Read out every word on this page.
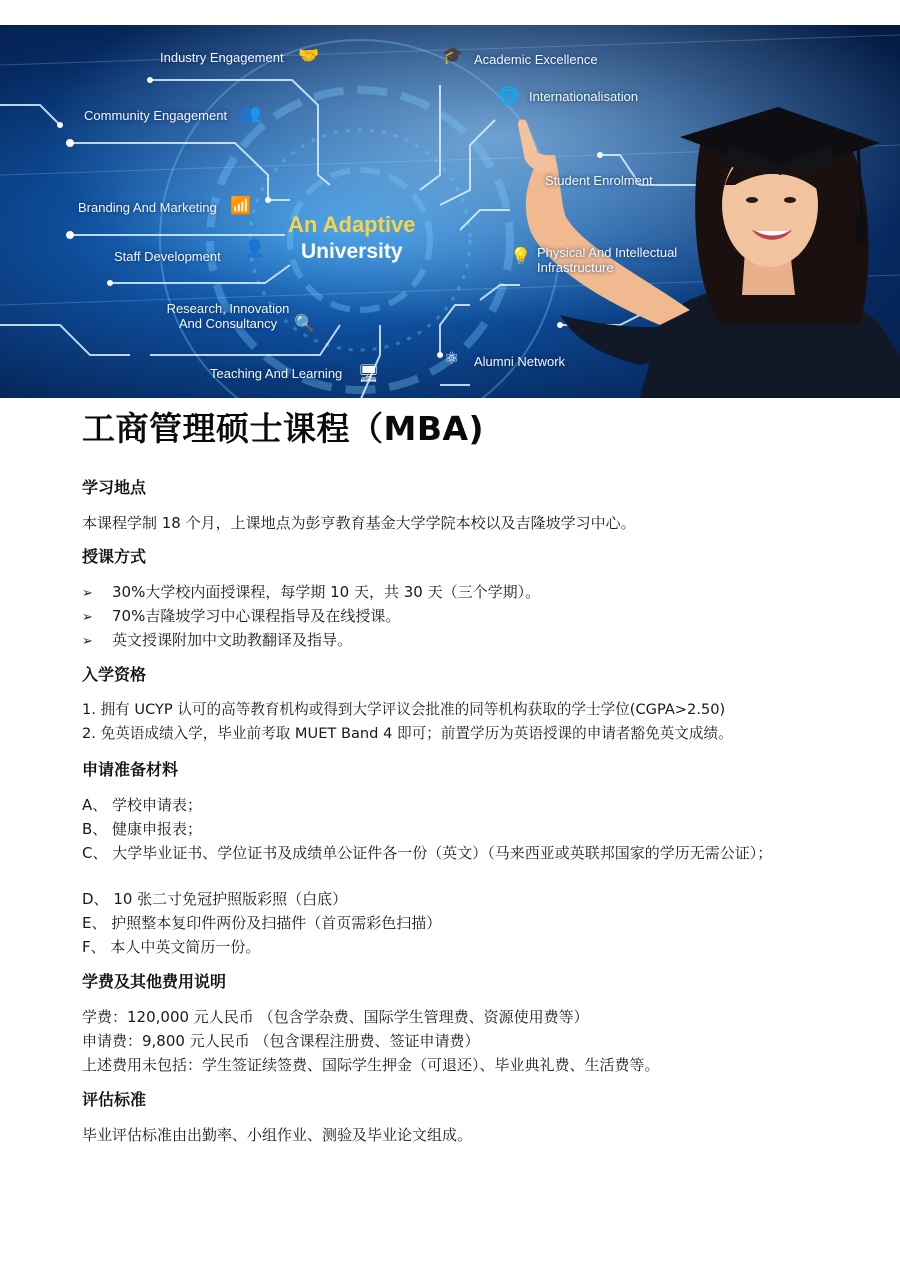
An Adaptive
University
Industry Engagement 🤝
Community Engagement 👥
Branding And Marketing 📶
Staff Development 👤
Research, Innovation And Consultancy 🔍
Teaching And Learning 🖥
🎓 Academic Excellence
🌐 Internationalisation
Student Enrolment
💡 Physical And Intellectual Infrastructure
⚛ Alumni Network
工商管理硕士课程（MBA)
学习地点
本课程学制 18 个月，上课地点为彭亨教育基金大学学院本校以及吉隆坡学习中心。
授课方式
➢ 30%大学校内面授课程，每学期 10 天，共 30 天（三个学期）。
➢ 70%吉隆坡学习中心课程指导及在线授课。
➢ 英文授课附加中文助教翻译及指导。
入学资格
1. 拥有 UCYP 认可的高等教育机构或得到大学评议会批准的同等机构获取的学士学位(CGPA>2.50)
2. 免英语成绩入学，毕业前考取 MUET Band 4 即可；前置学历为英语授课的申请者豁免英文成绩。
申请准备材料
A、 学校申请表；
B、 健康申报表；
C、 大学毕业证书、学位证书及成绩单公证件各一份（英文）（马来西亚或英联邦国家的学历无需公证）；
D、 10 张二寸免冠护照版彩照（白底）
E、 护照整本复印件两份及扫描件（首页需彩色扫描）
F、 本人中英文简历一份。
学费及其他费用说明
学费：120,000 元人民币 （包含学杂费、国际学生管理费、资源使用费等）
申请费：9,800 元人民币 （包含课程注册费、签证申请费）
上述费用未包括：学生签证续签费、国际学生押金（可退还）、毕业典礼费、生活费等。
评估标准
毕业评估标准由出勤率、小组作业、测验及毕业论文组成。
